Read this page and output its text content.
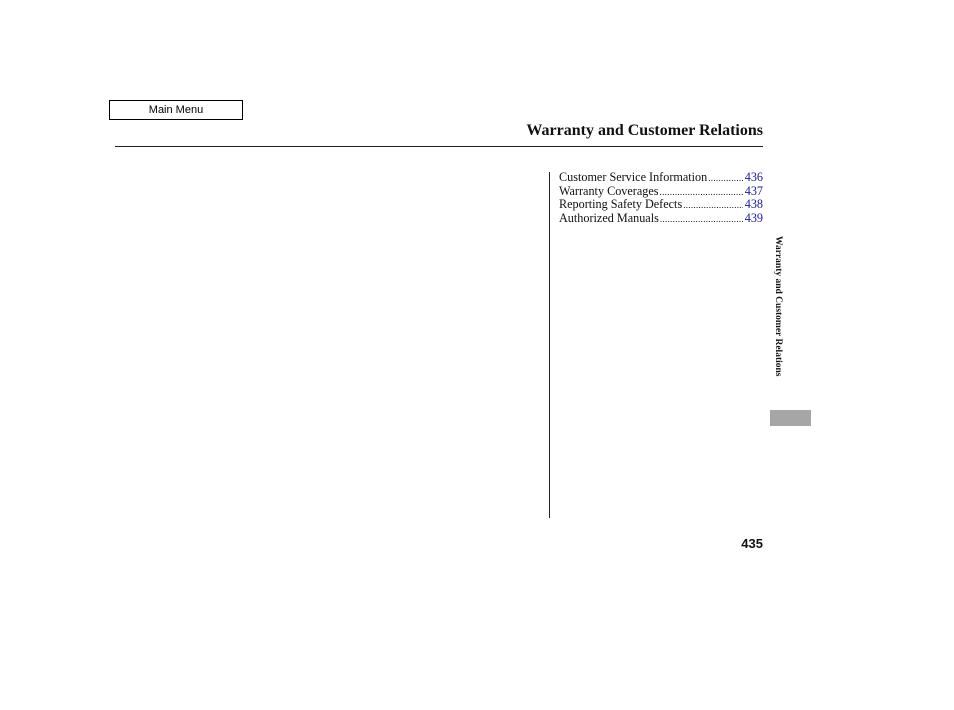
Main Menu
Warranty and Customer Relations
Customer Service Information .....	436
Warranty Coverages .....	437
Reporting Safety Defects .....	438
Authorized Manuals .....	439
Warranty and Customer Relations
435
